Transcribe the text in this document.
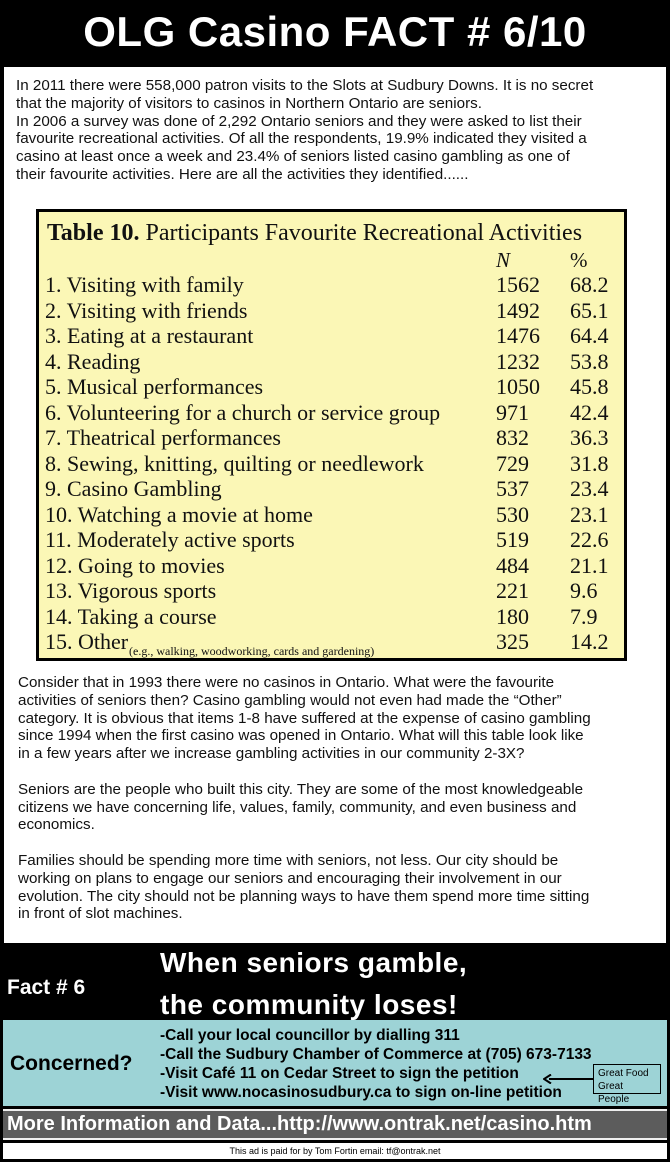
OLG Casino FACT # 6/10
In 2011 there were 558,000 patron visits to the Slots at Sudbury Downs. It is no secret
that the majority of visitors to casinos in Northern Ontario are seniors.
In 2006 a survey was done of 2,292 Ontario seniors and they were asked to list their
favourite recreational activities. Of all the respondents, 19.9% indicated they visited a
casino at least once a week and 23.4% of seniors listed casino gambling as one of
their favourite activities. Here are all the activities they identified......
Table 10. Participants Favourite Recreational Activities
N	%
1. Visiting with family	1562 68.2
2. Visiting with friends	1492 65.1
3. Eating at a restaurant	1476 64.4
4. Reading	1232 53.8
5. Musical performances	1050 45.8
6. Volunteering for a church or service group	971 42.4
7. Theatrical performances	832 36.3
8. Sewing, knitting, quilting or needlework	729 31.8
9. Casino Gambling	537 23.4
10. Watching a movie at home	530 23.1
11. Moderately active sports	519 22.6
12. Going to movies	484 21.1
13. Vigorous sports	221 9.6
14. Taking a course	180 7.9
15. Other (e.g., walking, woodworking, cards and gardening)	325 14.2

Consider that in 1993 there were no casinos in Ontario. What were the favourite
activities of seniors then? Casino gambling would not even had made the “Other”
category. It is obvious that items 1-8 have suffered at the expense of casino gambling
since 1994 when the first casino was opened in Ontario. What will this table look like
in a few years after we increase gambling activities in our community 2-3X?

Seniors are the people who built this city. They are some of the most knowledgeable
citizens we have concerning life, values, family, community, and even business and
economics.

Families should be spending more time with seniors, not less. Our city should be
working on plans to engage our seniors and encouraging their involvement in our
evolution. The city should not be planning ways to have them spend more time sitting
in front of slot machines.

Fact # 6
When seniors gamble,
the community loses!
Concerned?
-Call your local councillor by dialling 311
-Call the Sudbury Chamber of Commerce at (705) 673-7133
-Visit Café 11 on Cedar Street to sign the petition
-Visit www.nocasinosudbury.ca to sign on-line petition
Great Food
Great People
More Information and Data...http://www.ontrak.net/casino.htm
This ad is paid for by Tom Fortin email: tf@ontrak.net
